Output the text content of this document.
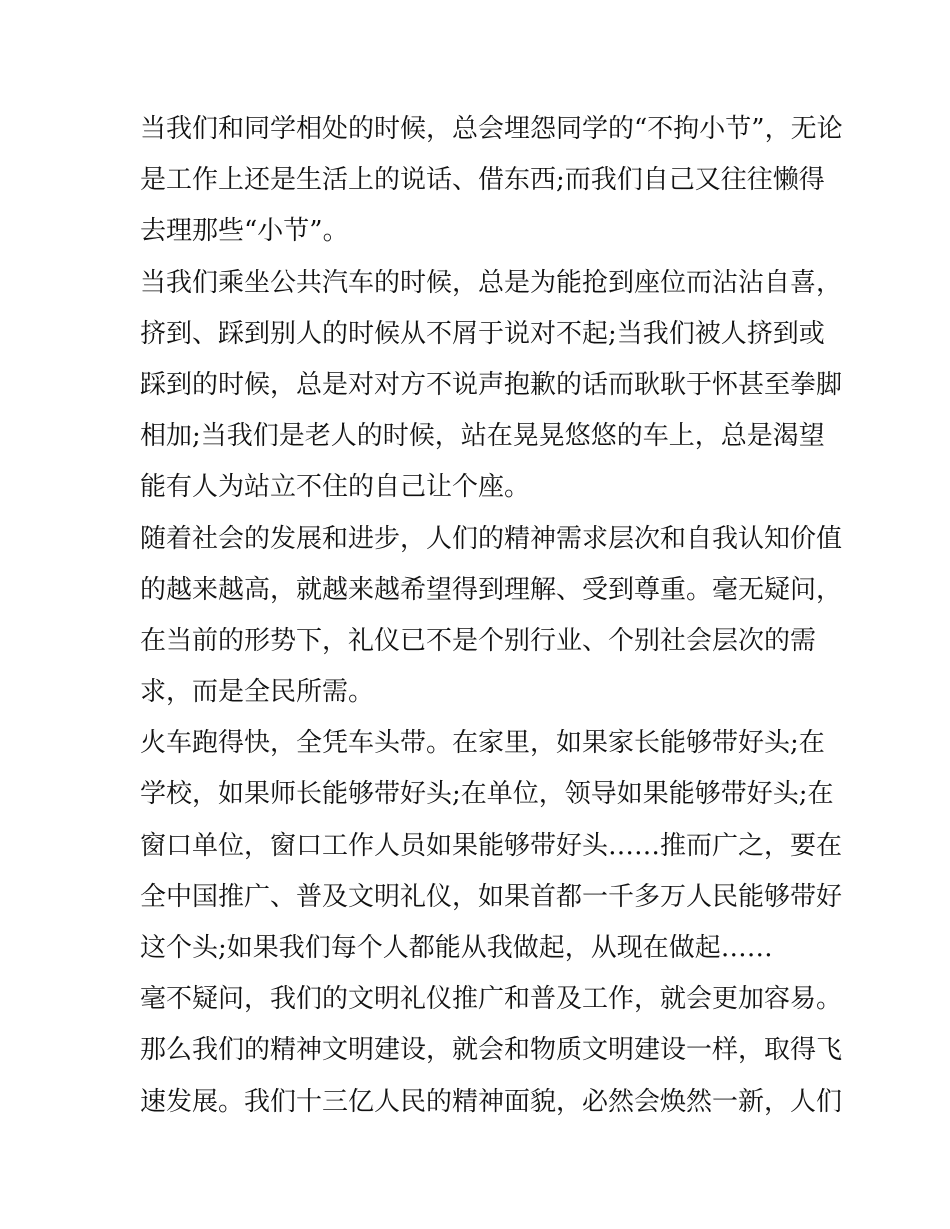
当我们和同学相处的时候，总会埋怨同学的“不拘小节”，无论
是工作上还是生活上的说话、借东西;而我们自己又往往懒得
去理那些“小节”。
当我们乘坐公共汽车的时候，总是为能抢到座位而沾沾自喜，
挤到、踩到别人的时候从不屑于说对不起;当我们被人挤到或
踩到的时候，总是对对方不说声抱歉的话而耿耿于怀甚至拳脚
相加;当我们是老人的时候，站在晃晃悠悠的车上，总是渴望
能有人为站立不住的自己让个座。
随着社会的发展和进步，人们的精神需求层次和自我认知价值
的越来越高，就越来越希望得到理解、受到尊重。毫无疑问，
在当前的形势下，礼仪已不是个别行业、个别社会层次的需
求，而是全民所需。
火车跑得快，全凭车头带。在家里，如果家长能够带好头;在
学校，如果师长能够带好头;在单位，领导如果能够带好头;在
窗口单位，窗口工作人员如果能够带好头……推而广之，要在
全中国推广、普及文明礼仪，如果首都一千多万人民能够带好
这个头;如果我们每个人都能从我做起，从现在做起……
毫不疑问，我们的文明礼仪推广和普及工作，就会更加容易。
那么我们的精神文明建设，就会和物质文明建设一样，取得飞
速发展。我们十三亿人民的精神面貌，必然会焕然一新，人们
